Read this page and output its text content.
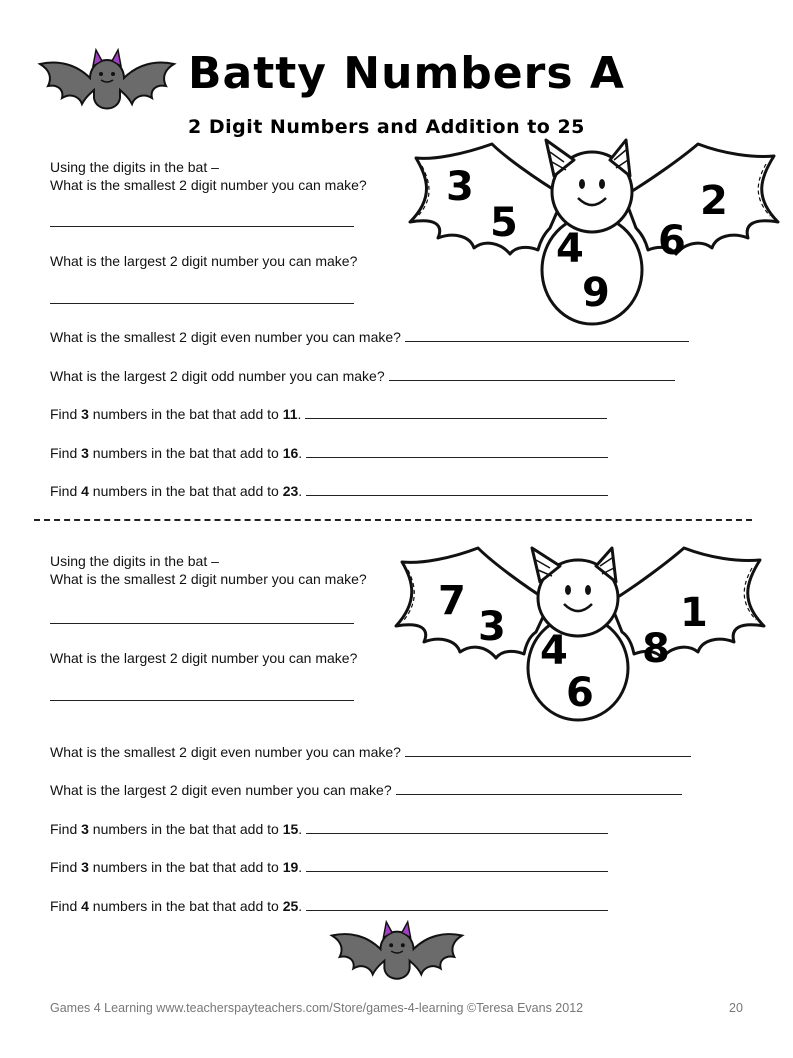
Batty Numbers A
2 Digit Numbers and Addition to 25
Using the digits in the bat –
What is the smallest 2 digit number you can make?
What is the largest 2 digit number you can make?
What is the smallest 2 digit even number you can make?
What is the largest 2 digit odd number you can make?
Find 3 numbers in the bat that add to 11.
Find 3 numbers in the bat that add to 16.
Find 4 numbers in the bat that add to 23.
3
5
4
9
6
2
Using the digits in the bat –
What is the smallest 2 digit number you can make?
What is the largest 2 digit number you can make?
What is the smallest 2 digit even number you can make?
What is the largest 2 digit even number you can make?
Find 3 numbers in the bat that add to 15.
Find 3 numbers in the bat that add to 19.
Find 4 numbers in the bat that add to 25.
7
3
4
6
8
1
Games 4 Learning www.teacherspayteachers.com/Store/games-4-learning ©Teresa Evans 2012	20
